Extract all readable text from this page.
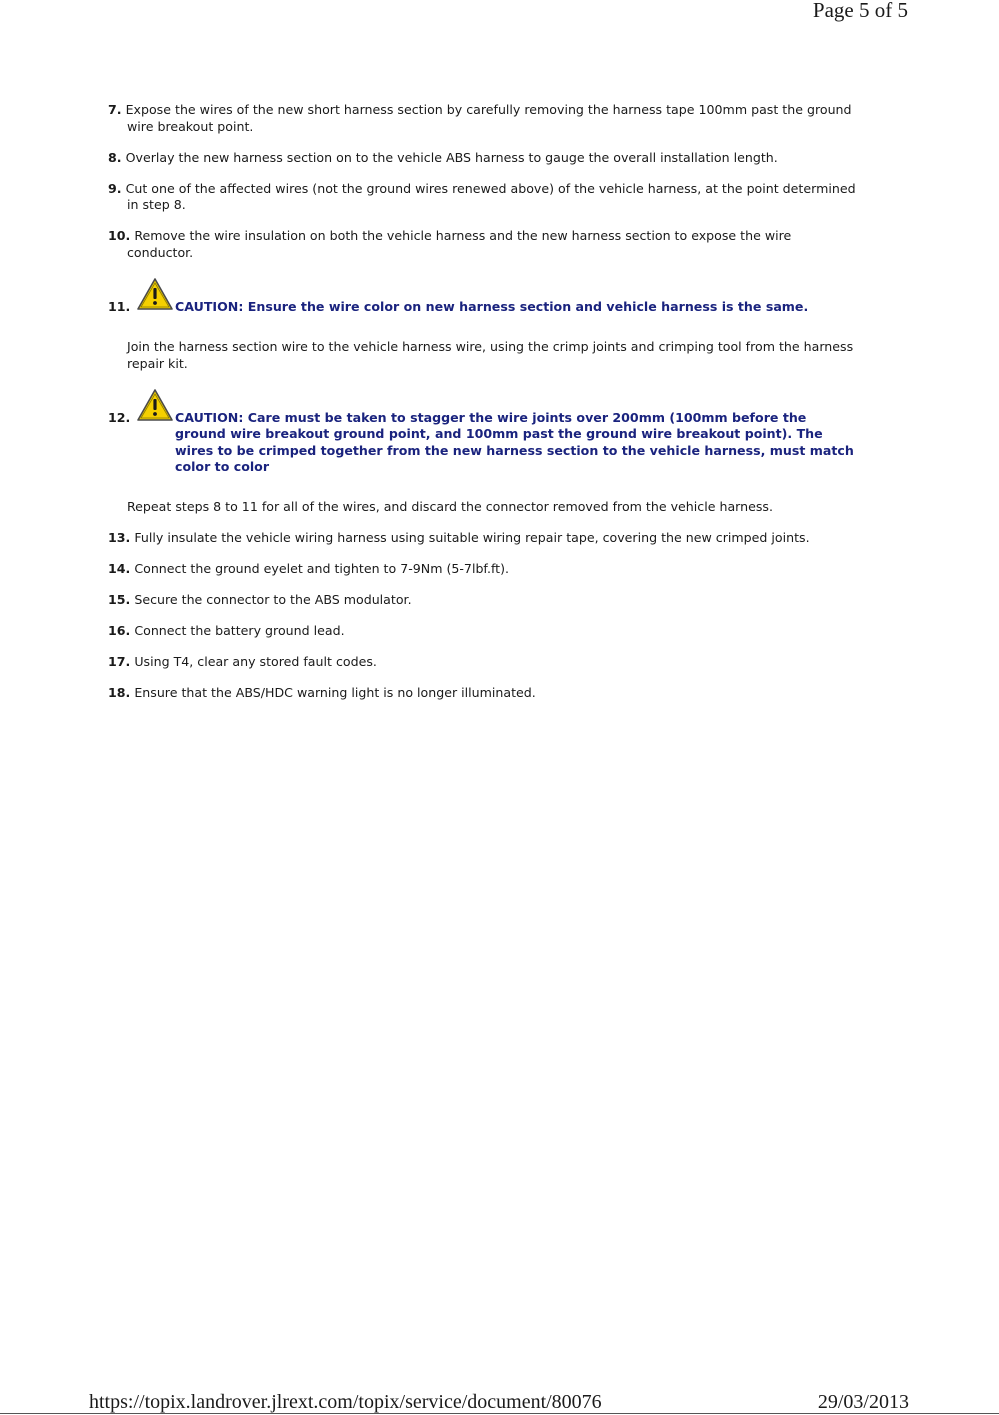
Page 5 of 5

7. Expose the wires of the new short harness section by carefully removing the harness tape 100mm past the ground wire breakout point.

8. Overlay the new harness section on to the vehicle ABS harness to gauge the overall installation length.

9. Cut one of the affected wires (not the ground wires renewed above) of the vehicle harness, at the point determined in step 8.

10. Remove the wire insulation on both the vehicle harness and the new harness section to expose the wire conductor.

11.	CAUTION: Ensure the wire color on new harness section and vehicle harness is the same.

Join the harness section wire to the vehicle harness wire, using the crimp joints and crimping tool from the harness repair kit.

12.	CAUTION: Care must be taken to stagger the wire joints over 200mm (100mm before the ground wire breakout ground point, and 100mm past the ground wire breakout point). The wires to be crimped together from the new harness section to the vehicle harness, must match color to color

Repeat steps 8 to 11 for all of the wires, and discard the connector removed from the vehicle harness.

13. Fully insulate the vehicle wiring harness using suitable wiring repair tape, covering the new crimped joints.

14. Connect the ground eyelet and tighten to 7-9Nm (5-7lbf.ft).

15. Secure the connector to the ABS modulator.

16. Connect the battery ground lead.

17. Using T4, clear any stored fault codes.

18. Ensure that the ABS/HDC warning light is no longer illuminated.

https://topix.landrover.jlrext.com/topix/service/document/80076	29/03/2013
